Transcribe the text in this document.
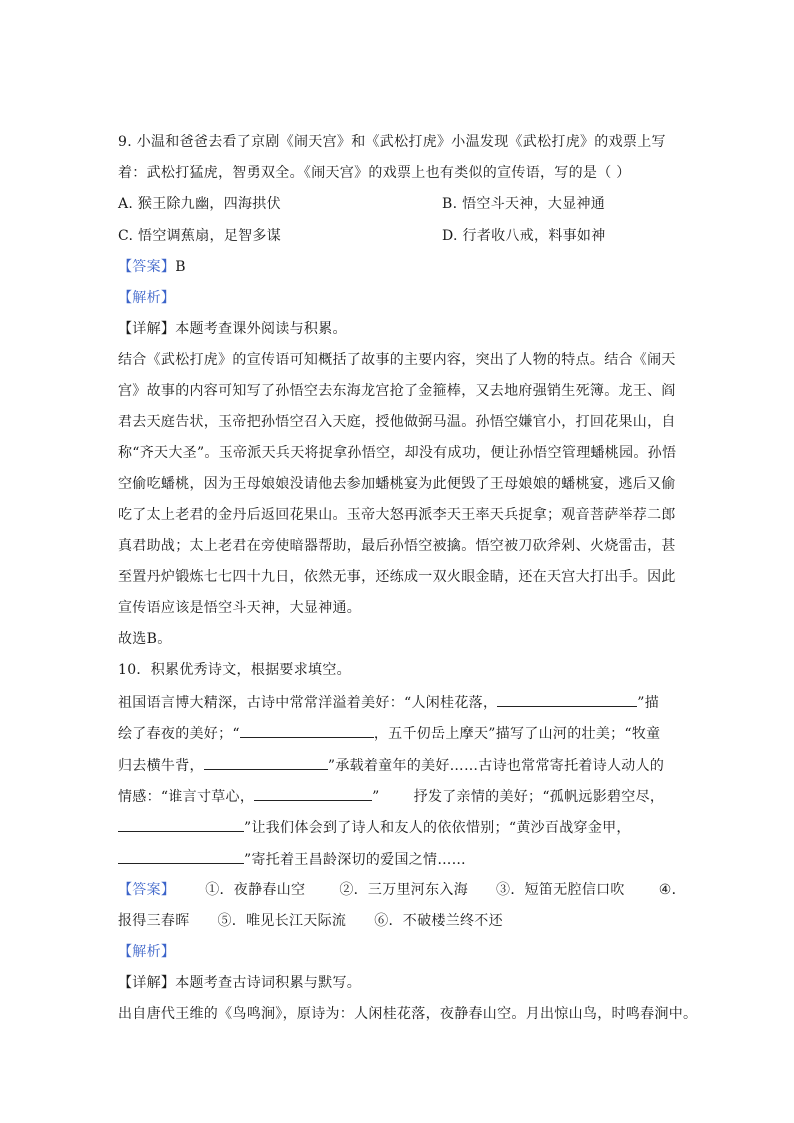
9. 小温和爸爸去看了京剧《闹天宫》和《武松打虎》小温发现《武松打虎》的戏票上写
着：武松打猛虎，智勇双全。《闹天宫》的戏票上也有类似的宣传语，写的是（ ）
A. 猴王除九幽，四海拱伏	B. 悟空斗天神，大显神通
C. 悟空调蕉扇，足智多谋	D. 行者收八戒，料事如神
【答案】B
【解析】
【详解】本题考查课外阅读与积累。
结合《武松打虎》的宣传语可知概括了故事的主要内容，突出了人物的特点。结合《闹天
宫》故事的内容可知写了孙悟空去东海龙宫抢了金箍棒，又去地府强销生死簿。龙王、阎
君去天庭告状，玉帝把孙悟空召入天庭，授他做弼马温。孙悟空嫌官小，打回花果山，自
称“齐天大圣”。玉帝派天兵天将捉拿孙悟空，却没有成功，便让孙悟空管理蟠桃园。孙悟
空偷吃蟠桃，因为王母娘娘没请他去参加蟠桃宴为此便毁了王母娘娘的蟠桃宴，逃后又偷
吃了太上老君的金丹后返回花果山。玉帝大怒再派李天王率天兵捉拿；观音菩萨举荐二郎
真君助战；太上老君在旁使暗器帮助，最后孙悟空被擒。悟空被刀砍斧剁、火烧雷击，甚
至置丹炉锻炼七七四十九日，依然无事，还练成一双火眼金睛，还在天宫大打出手。因此
宣传语应该是悟空斗天神，大显神通。
故选B。
10．积累优秀诗文，根据要求填空。
祖国语言博大精深，古诗中常常洋溢着美好：“人闲桂花落，	”描
绘了春夜的美好；“	，五千仞岳上摩天”描写了山河的壮美；“牧童
归去横牛背，	”承载着童年的美好……古诗也常常寄托着诗人动人的
情感：“谁言寸草心，	” 抒发了亲情的美好；“孤帆远影碧空尽，
”让我们体会到了诗人和友人的依依惜别；“黄沙百战穿金甲，
”寄托着王昌龄深切的爱国之情……
【答案】 ①．夜静春山空 ②．三万里河东入海 ③．短笛无腔信口吹 ④．
报得三春晖 ⑤．唯见长江天际流 ⑥．不破楼兰终不还
【解析】
【详解】本题考查古诗词积累与默写。
出自唐代王维的《鸟鸣涧》，原诗为：人闲桂花落，夜静春山空。月出惊山鸟，时鸣春涧中。
